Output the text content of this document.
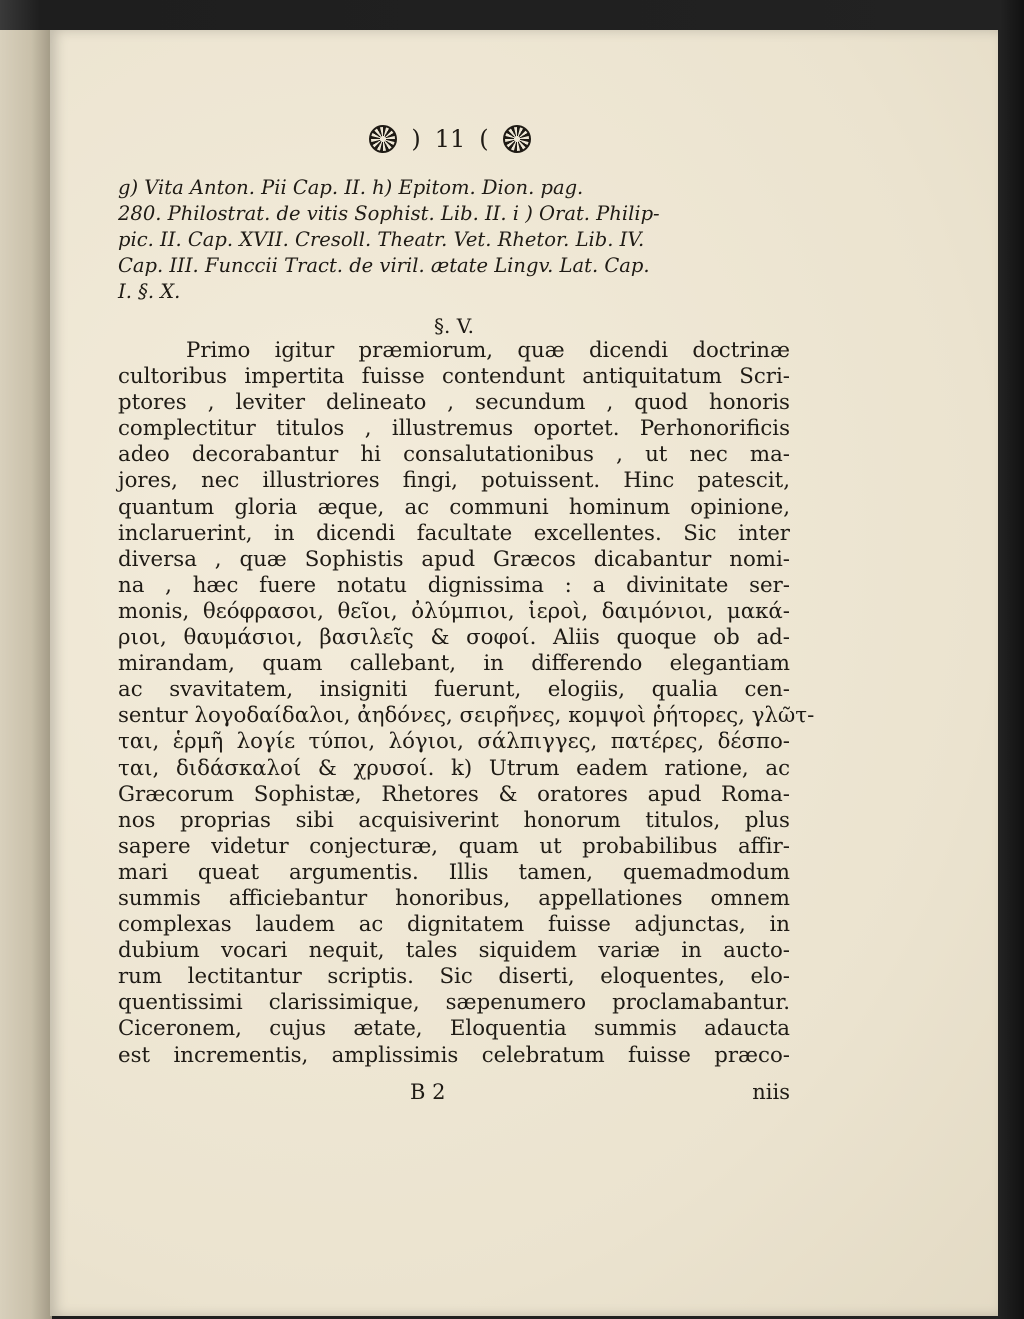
) 11 (
g) Vita Anton. Pii Cap. II. h) Epitom. Dion. pag.
280. Philostrat. de vitis Sophist. Lib. II. i ) Orat. Philip-
pic. II. Cap. XVII. Cresoll. Theatr. Vet. Rhetor. Lib. IV.
Cap. III. Funccii Tract. de viril. ætate Lingv. Lat. Cap.
I. §. X.
§. V.
Primo igitur præmiorum, quæ dicendi doctrinæ
cultoribus impertita fuisse contendunt antiquitatum Scri-
ptores , leviter delineato , secundum , quod honoris
complectitur titulos , illustremus oportet. Perhonorificis
adeo decorabantur hi consalutationibus , ut nec ma-
jores, nec illustriores fingi, potuissent. Hinc patescit,
quantum gloria æque, ac communi hominum opinione,
inclaruerint, in dicendi facultate excellentes. Sic inter
diversa , quæ Sophistis apud Græcos dicabantur nomi-
na , hæc fuere notatu dignissima : a divinitate ser-
monis, θεόφρασοι, θεῖοι, ὀλύμπιοι, ἱεροὶ, δαιμόνιοι, μακά-
ριοι, θαυμάσιοι, βασιλεῖς & σοφοί. Aliis quoque ob ad-
mirandam, quam callebant, in differendo elegantiam
ac svavitatem, insigniti fuerunt, elogiis, qualia cen-
sentur λογοδαίδαλοι, ἀηδόνες, σειρῆνες, κομψοὶ ῥήτορες, γλῶτ-
ται, ἑρμῆ λογίε τύποι, λόγιοι, σάλπιγγες, πατέρες, δέσπο-
ται, διδάσκαλοί & χρυσοί. k) Utrum eadem ratione, ac
Græcorum Sophistæ, Rhetores & oratores apud Roma-
nos proprias sibi acquisiverint honorum titulos, plus
sapere videtur conjecturæ, quam ut probabilibus affir-
mari queat argumentis. Illis tamen, quemadmodum
summis afficiebantur honoribus, appellationes omnem
complexas laudem ac dignitatem fuisse adjunctas, in
dubium vocari nequit, tales siquidem variæ in aucto-
rum lectitantur scriptis. Sic diserti, eloquentes, elo-
quentissimi clarissimique, sæpenumero proclamabantur.
Ciceronem, cujus ætate, Eloquentia summis adaucta
est incrementis, amplissimis celebratum fuisse præco-
B 2	niis
